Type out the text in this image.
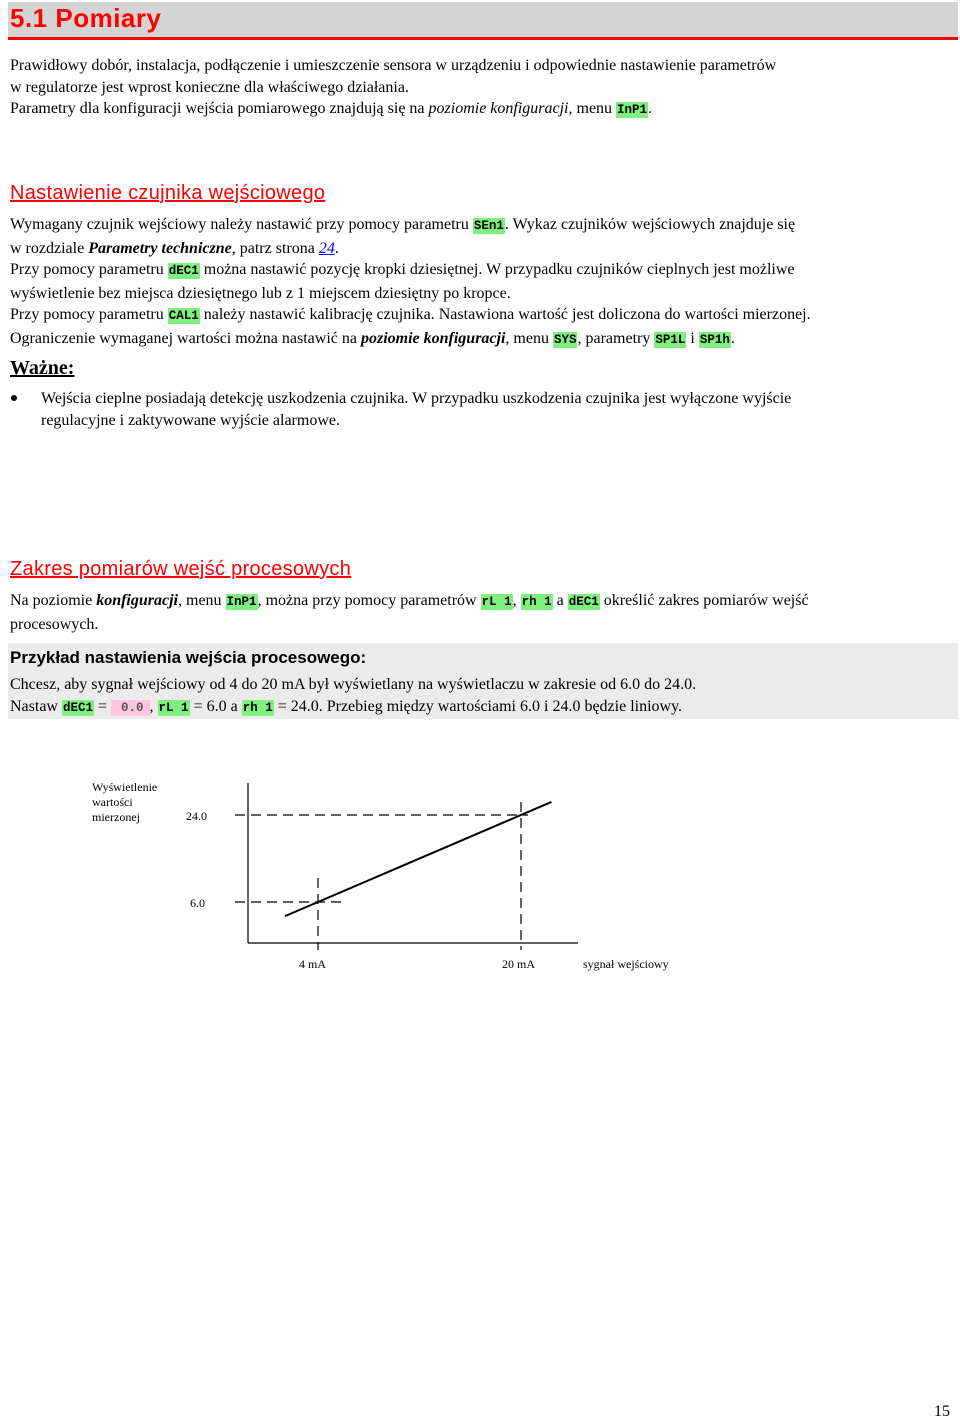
5.1 Pomiary

Prawidłowy dobór, instalacja, podłączenie i umieszczenie sensora w urządzeniu i odpowiednie nastawienie parametrów

w regulatorze jest wprost konieczne dla właściwego działania.

Parametry dla konfiguracji wejścia pomiarowego znajdują się na poziomie konfiguracji, menu InP1.

Nastawienie czujnika wejściowego

Wymagany czujnik wejściowy należy nastawić przy pomocy parametru SEn1. Wykaz czujników wejściowych znajduje się

w rozdziale Parametry techniczne, patrz strona 24.

Przy pomocy parametru dEC1 można nastawić pozycję kropki dziesiętnej. W przypadku czujników cieplnych jest możliwe

wyświetlenie bez miejsca dziesiętnego lub z 1 miejscem dziesiętny po kropce.

Przy pomocy parametru CAL1 należy nastawić kalibrację czujnika. Nastawiona wartość jest doliczona do wartości mierzonej.

Ograniczenie wymaganej wartości można nastawić na poziomie konfiguracji, menu SYS, parametry SP1L i SP1h.

Ważne:

Wejścia cieplne posiadają detekcję uszkodzenia czujnika. W przypadku uszkodzenia czujnika jest wyłączone wyjście

regulacyjne i zaktywowane wyjście alarmowe.

Zakres pomiarów wejść procesowych

Na poziomie konfiguracji, menu InP1, można przy pomocy parametrów rL 1, rh 1 a dEC1 określić zakres pomiarów wejść

procesowych.

Przykład nastawienia wejścia procesowego:
Chcesz, aby sygnał wejściowy od 4 do 20 mA był wyświetlany na wyświetlaczu w zakresie od 6.0 do 24.0.
Nastaw dEC1 = 0.0 , rL 1 = 6.0 a rh 1 = 24.0. Przebieg między wartościami 6.0 i 24.0 będzie liniowy.
Wyświetlenie
wartości
mierzonej	24.0
6.0
4 mA	20 mA	sygnał wejściowy
15
